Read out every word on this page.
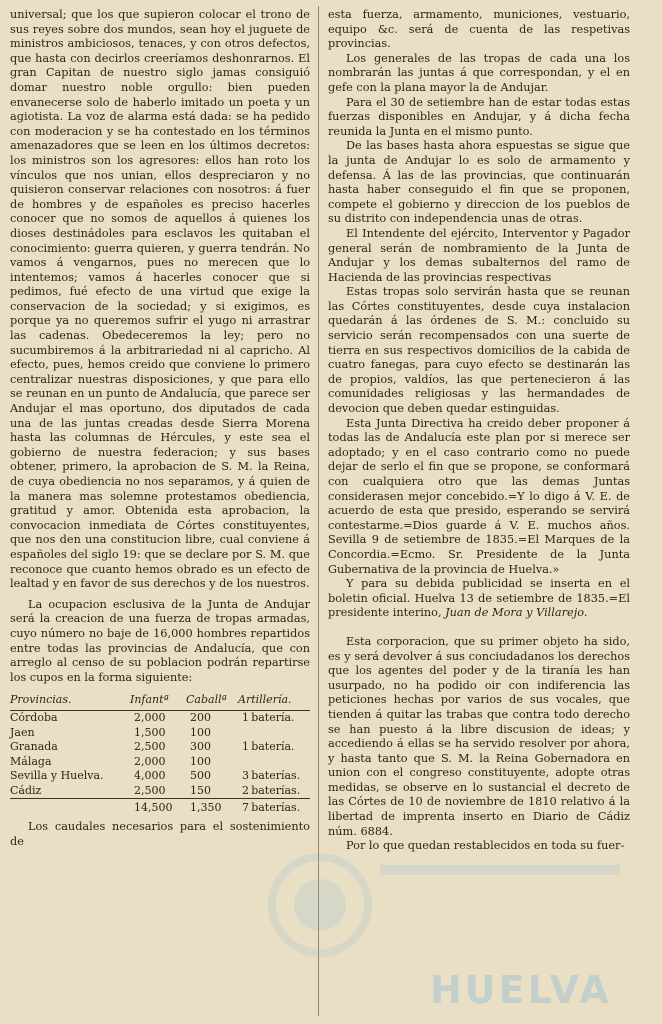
universal; que los que supieron colocar el trono de sus reyes sobre dos mundos, sean hoy el juguete de ministros ambiciosos, tenaces, y con otros defectos, que hasta con decirlos creeríamos deshonrarnos. El gran Capitan de nuestro siglo jamas consiguió domar nuestro noble orgullo: bien pueden envanecerse solo de haberlo imitado un poeta y un agiotista. La voz de alarma está dada: se ha pedido con moderacion y se ha contestado en los términos amenazadores que se leen en los últimos decretos: los ministros son los agresores: ellos han roto los vínculos que nos unian, ellos despreciaron y no quisieron conservar relaciones con nosotros: á fuer de hombres y de españoles es preciso hacerles conocer que no somos de aquellos á quienes los dioses destinádoles para esclavos les quitaban el conocimiento: guerra quieren, y guerra tendrán. No vamos á vengarnos, pues no merecen que lo intentemos; vamos á hacerles conocer que si pedimos, fué efecto de una virtud que exige la conservacion de la sociedad; y si exigimos, es porque ya no queremos sufrir el yugo ni arrastrar las cadenas. Obedeceremos la ley; pero no sucumbiremos á la arbitrariedad ni al capricho. Al efecto, pues, hemos creido que conviene lo primero centralizar nuestras disposiciones, y que para ello se reunan en un punto de Andalucía, que parece ser Andujar el mas oportuno, dos diputados de cada una de las juntas creadas desde Sierra Morena hasta las columnas de Hércules, y este sea el gobierno de nuestra federacion; y sus bases obtener, primero, la aprobacion de S. M. la Reina, de cuya obediencia no nos separamos, y á quien de la manera mas solemne protestamos obediencia, gratitud y amor. Obtenida esta aprobacion, la convocacion inmediata de Córtes constituyentes, que nos den una constitucion libre, cual conviene á españoles del siglo 19: que se declare por S. M. que reconoce que cuanto hemos obrado es un efecto de lealtad y en favor de sus derechos y de los nuestros.

La ocupacion esclusiva de la Junta de Andujar será la creacion de una fuerza de tropas armadas, cuyo número no baje de 16,000 hombres repartidos entre todas las provincias de Andalucía, que con arreglo al censo de su poblacion podrán repartirse los cupos en la forma siguiente:

Provincias.	Infantª	Caballª	Artillería.	
Córdoba	2,000	200	1	batería.
Jaen	1,500	100		
Granada	2,500	300	1	batería.
Málaga	2,000	100		
Sevilla y Huelva.	4,000	500	3	baterías.
Cádiz	2,500	150	2	baterías.
	14,500	1,350	7	baterías.

Los caudales necesarios para el sostenimiento de

esta fuerza, armamento, municiones, vestuario, equipo &c. será de cuenta de las respetivas provincias.

Los generales de las tropas de cada una los nombrarán las juntas á que correspondan, y el en gefe con la plana mayor la de Andujar.

Para el 30 de setiembre han de estar todas estas fuerzas disponibles en Andujar, y á dicha fecha reunida la Junta en el mismo punto.

De las bases hasta ahora espuestas se sigue que la junta de Andujar lo es solo de armamento y defensa. Á las de las provincias, que continuarán hasta haber conseguido el fin que se proponen, compete el gobierno y direccion de los pueblos de su distrito con independencia unas de otras.

El Intendente del ejército, Interventor y Pagador general serán de nombramiento de la Junta de Andujar y los demas subalternos del ramo de Hacienda de las provincias respectivas

Estas tropas solo servirán hasta que se reunan las Córtes constituyentes, desde cuya instalacion quedarán á las órdenes de S. M.: concluido su servicio serán recompensados con una suerte de tierra en sus respectivos domicilios de la cabida de cuatro fanegas, para cuyo efecto se destinarán las de propios, valdíos, las que pertenecieron á las comunidades religiosas y las hermandades de devocion que deben quedar estinguidas.

Esta Junta Directiva ha creido deber proponer á todas las de Andalucía este plan por si merece ser adoptado; y en el caso contrario como no puede dejar de serlo el fin que se propone, se conformará con cualquiera otro que las demas Juntas considerasen mejor concebido.=Y lo digo á V. E. de acuerdo de esta que presido, esperando se servirá contestarme.=Dios guarde á V. E. muchos años. Sevilla 9 de setiembre de 1835.=El Marques de la Concordia.=Ecmo. Sr. Presidente de la Junta Gubernativa de la provincia de Huelva.»

Y para su debida publicidad se inserta en el boletin oficial. Huelva 13 de setiembre de 1835.=El presidente interino, Juan de Mora y Villarejo.

Esta corporacion, que su primer objeto ha sido, es y será devolver á sus conciudadanos los derechos que los agentes del poder y de la tiranía les han usurpado, no ha podido oir con indiferencia las peticiones hechas por varios de sus vocales, que tienden á quitar las trabas que contra todo derecho se han puesto á la libre discusion de ideas; y accediendo á ellas se ha servido resolver por ahora, y hasta tanto que S. M. la Reina Gobernadora en union con el congreso constituyente, adopte otras medidas, se observe en lo sustancial el decreto de las Córtes de 10 de noviembre de 1810 relativo á la libertad de imprenta inserto en Diario de Cádiz núm. 6884.

Por lo que quedan restablecidos en toda su fuer-

HUELVA
